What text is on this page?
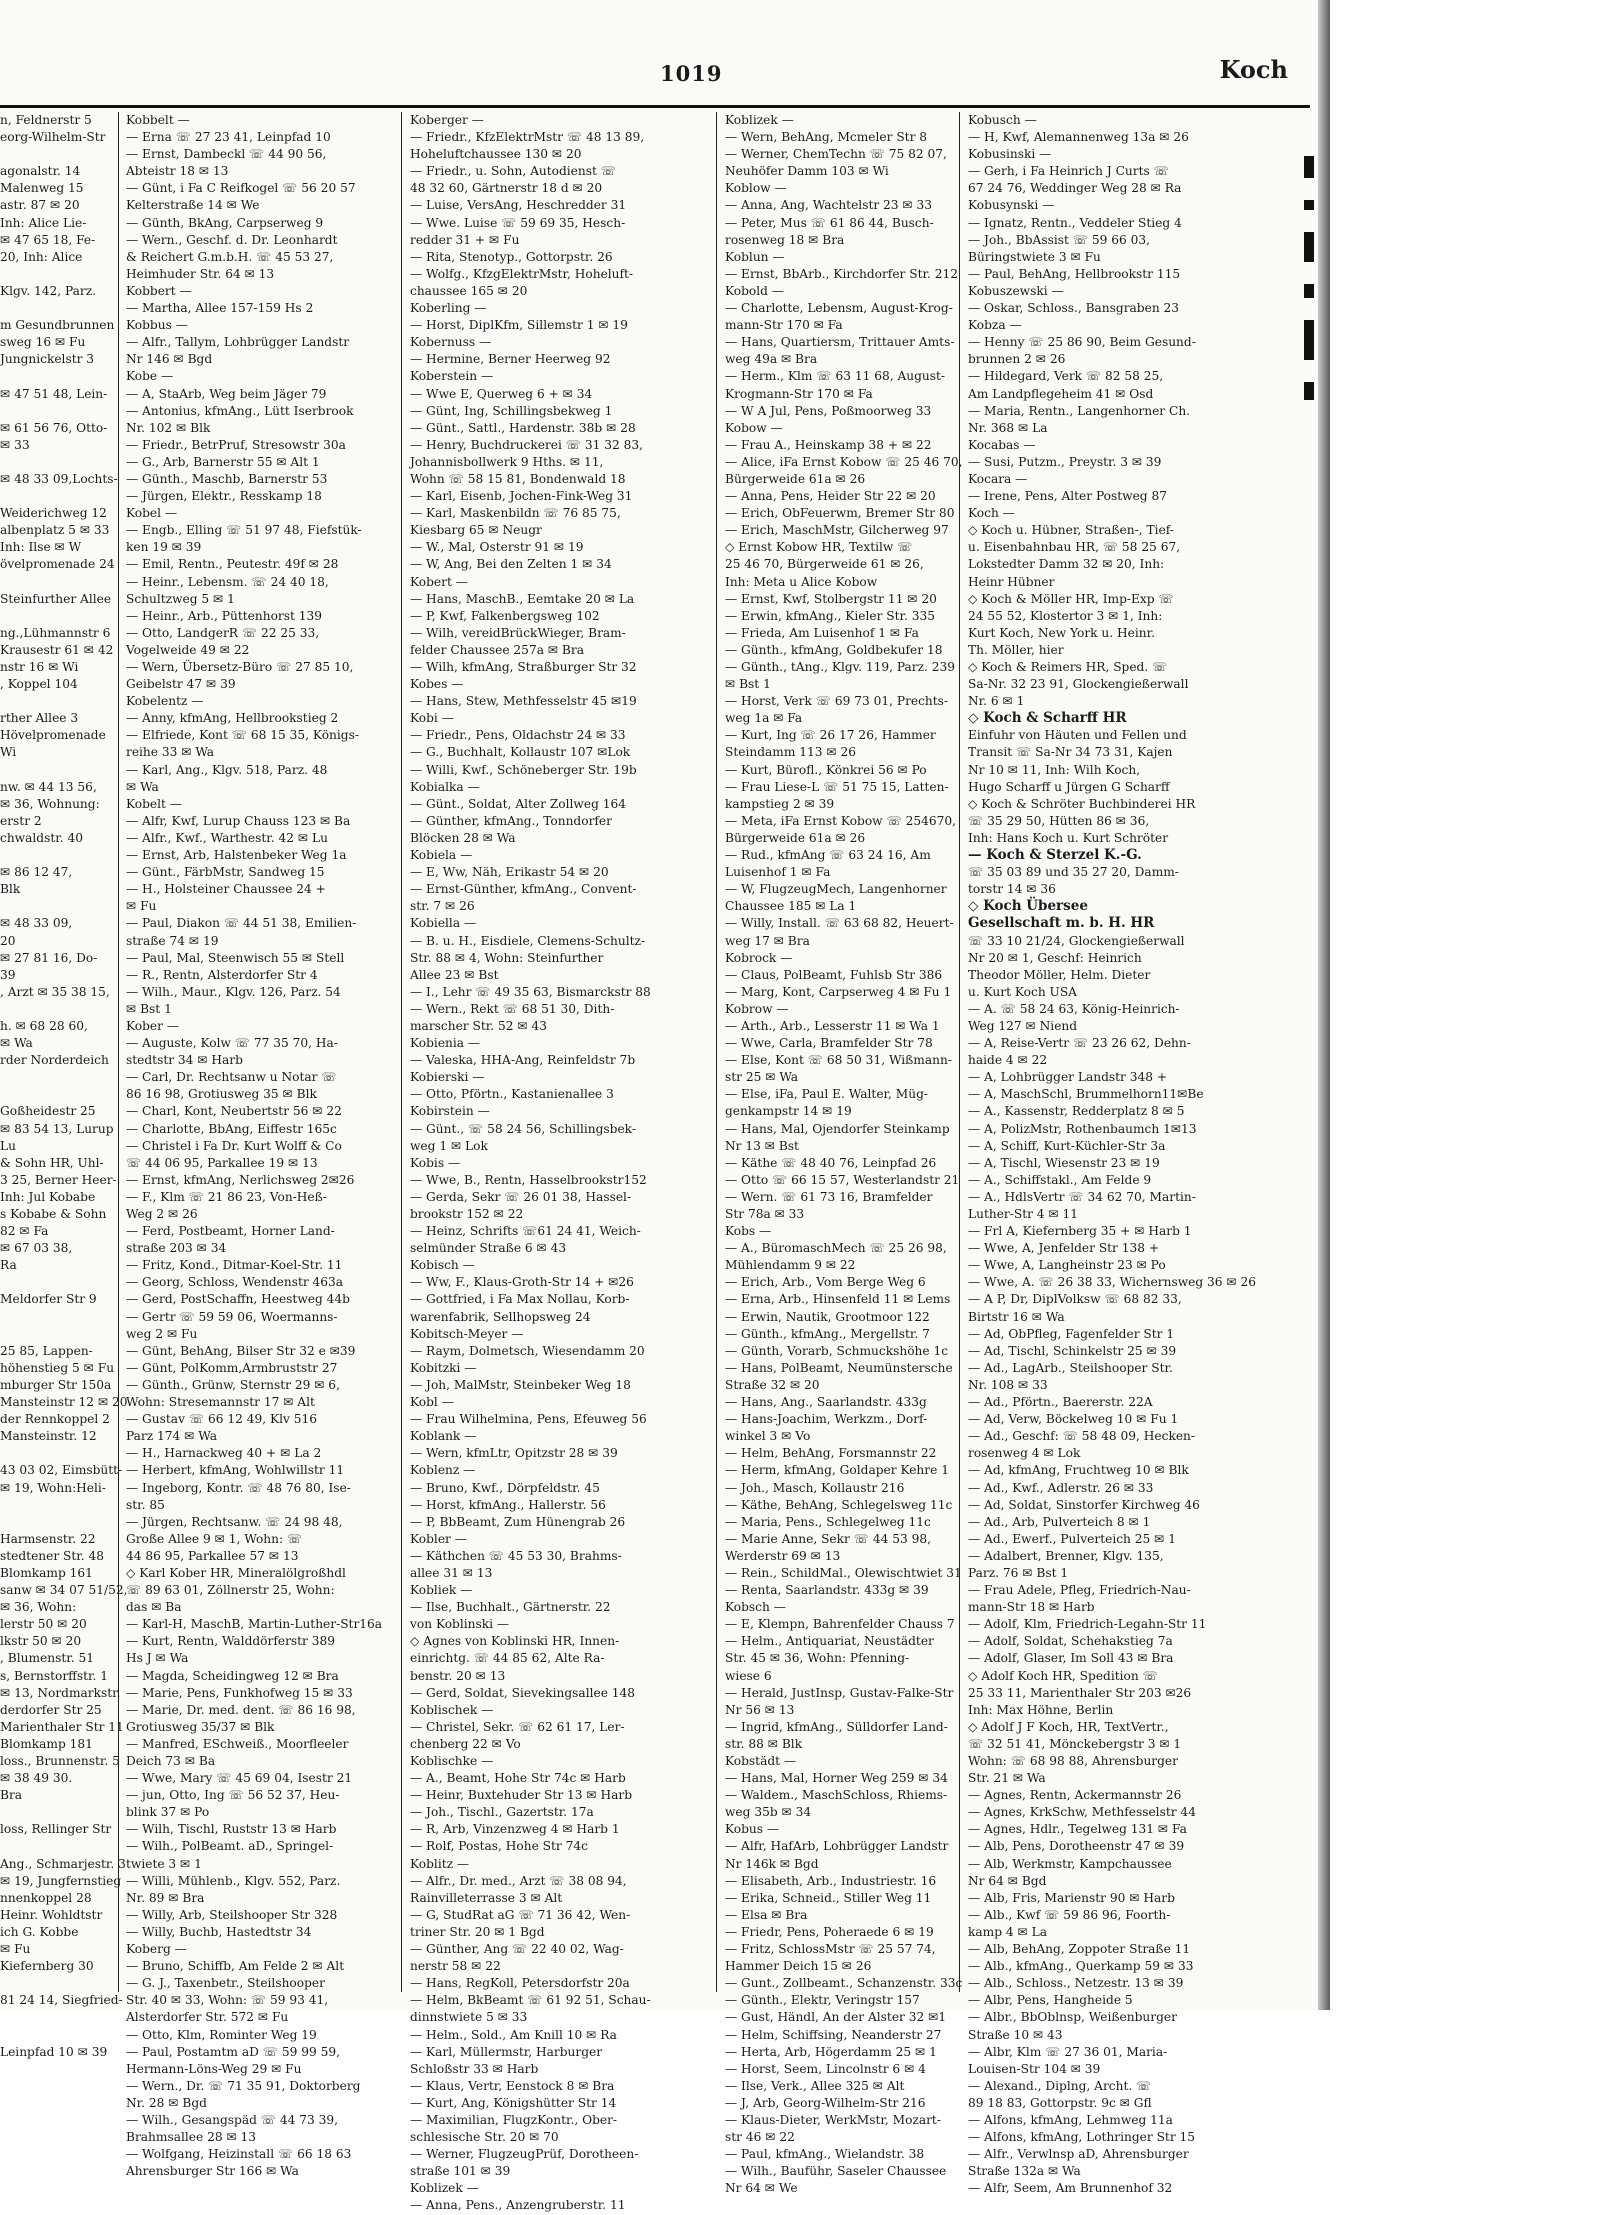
1019	Koch
n, Feldnerstr 5
eorg-Wilhelm-Str

agonalstr. 14
Malenweg 15
astr. 87 ✉ 20
Inh: Alice Lie-
✉ 47 65 18, Fe-
20, Inh: Alice

Klgv. 142, Parz.

m Gesundbrunnen
sweg 16 ✉ Fu
Jungnickelstr 3

✉ 47 51 48, Lein-

✉ 61 56 76, Otto-
✉ 33

✉ 48 33 09,Lochts-

Weiderichweg 12
albenplatz 5 ✉ 33
Inh: Ilse ✉ W
övelpromenade 24

Steinfurther Allee

ng.,Lühmannstr 6
Krausestr 61 ✉ 42
nstr 16 ✉ Wi
, Koppel 104

rther Allee 3
Hövelpromenade
Wi

nw. ✉ 44 13 56,
✉ 36, Wohnung:
erstr 2
chwaldstr. 40

✉ 86 12 47,
Blk

✉ 48 33 09,
20
✉ 27 81 16, Do-
39
, Arzt ✉ 35 38 15,

h. ✉ 68 28 60,
✉ Wa
rder Norderdeich

Goßheidestr 25
✉ 83 54 13, Lurup
Lu
& Sohn HR, Uhl-
3 25, Berner Heer-
Inh: Jul Kobabe
s Kobabe & Sohn
82 ✉ Fa
✉ 67 03 38,
Ra

Meldorfer Str 9

25 85, Lappen-
höhenstieg 5 ✉ Fu
mburger Str 150a
Mansteinstr 12 ✉ 20
der Rennkoppel 2
Mansteinstr. 12

43 03 02, Eimsbütt-
✉ 19, Wohn:Heli-

Harmsenstr. 22
stedtener Str. 48
Blomkamp 161
sanw ✉ 34 07 51/52,
✉ 36, Wohn:
lerstr 50 ✉ 20
lkstr 50 ✉ 20
, Blumenstr. 51
s, Bernstorffstr. 1
✉ 13, Nordmarkstr.
derdorfer Str 25
Marienthaler Str 11
Blomkamp 181
loss., Brunnenstr. 5
✉ 38 49 30.
Bra

loss, Rellinger Str

Ang., Schmarjestr. 3
✉ 19, Jungfernstieg
nnenkoppel 28
Heinr. Wohldtstr
ich G. Kobbe
✉ Fu
Kiefernberg 30

81 24 14, Siegfried-

Leinpfad 10 ✉ 39
Kobbelt —
— Erna ☏ 27 23 41, Leinpfad 10
— Ernst, Dambeckl ☏ 44 90 56,
Abteistr 18 ✉ 13
— Günt, i Fa C Reifkogel ☏ 56 20 57
Kelterstraße 14 ✉ We
— Günth, BkAng, Carpserweg 9
— Wern., Geschf. d. Dr. Leonhardt
& Reichert G.m.b.H. ☏ 45 53 27,
Heimhuder Str. 64 ✉ 13
Kobbert —
— Martha, Allee 157-159 Hs 2
Kobbus —
— Alfr., Tallym, Lohbrügger Landstr
Nr 146 ✉ Bgd
Kobe —
— A, StaArb, Weg beim Jäger 79
— Antonius, kfmAng., Lütt Iserbrook
Nr. 102 ✉ Blk
— Friedr., BetrPruf, Stresowstr 30a
— G., Arb, Barnerstr 55 ✉ Alt 1
— Günth., Maschb, Barnerstr 53
— Jürgen, Elektr., Resskamp 18
Kobel —
— Engb., Elling ☏ 51 97 48, Fiefstük-
ken 19 ✉ 39
— Emil, Rentn., Peutestr. 49f ✉ 28
— Heinr., Lebensm. ☏ 24 40 18,
Schultzweg 5 ✉ 1
— Heinr., Arb., Püttenhorst 139
— Otto, LandgerR ☏ 22 25 33,
Vogelweide 49 ✉ 22
— Wern, Übersetz-Büro ☏ 27 85 10,
Geibelstr 47 ✉ 39
Kobelentz —
— Anny, kfmAng, Hellbrookstieg 2
— Elfriede, Kont ☏ 68 15 35, Königs-
reihe 33 ✉ Wa
— Karl, Ang., Klgv. 518, Parz. 48
✉ Wa
Kobelt —
— Alfr, Kwf, Lurup Chauss 123 ✉ Ba
— Alfr., Kwf., Warthestr. 42 ✉ Lu
— Ernst, Arb, Halstenbeker Weg 1a
— Günt., FärbMstr, Sandweg 15
— H., Holsteiner Chaussee 24 +
✉ Fu
— Paul, Diakon ☏ 44 51 38, Emilien-
straße 74 ✉ 19
— Paul, Mal, Steenwisch 55 ✉ Stell
— R., Rentn, Alsterdorfer Str 4
— Wilh., Maur., Klgv. 126, Parz. 54
✉ Bst 1
Kober —
— Auguste, Kolw ☏ 77 35 70, Ha-
stedtstr 34 ✉ Harb
— Carl, Dr. Rechtsanw u Notar ☏
86 16 98, Grotiusweg 35 ✉ Blk
— Charl, Kont, Neubertstr 56 ✉ 22
— Charlotte, BbAng, Eiffestr 165c
— Christel i Fa Dr. Kurt Wolff & Co
☏ 44 06 95, Parkallee 19 ✉ 13
— Ernst, kfmAng, Nerlichsweg 2✉26
— F., Klm ☏ 21 86 23, Von-Heß-
Weg 2 ✉ 26
— Ferd, Postbeamt, Horner Land-
straße 203 ✉ 34
— Fritz, Kond., Ditmar-Koel-Str. 11
— Georg, Schloss, Wendenstr 463a
— Gerd, PostSchaffn, Heestweg 44b
— Gertr ☏ 59 59 06, Woermanns-
weg 2 ✉ Fu
— Günt, BehAng, Bilser Str 32 e ✉39
— Günt, PolKomm,Armbruststr 27
— Günth., Grünw, Sternstr 29 ✉ 6,
Wohn: Stresemannstr 17 ✉ Alt
— Gustav ☏ 66 12 49, Klv 516
Parz 174 ✉ Wa
— H., Harnackweg 40 + ✉ La 2
— Herbert, kfmAng, Wohlwillstr 11
— Ingeborg, Kontr. ☏ 48 76 80, Ise-
str. 85
— Jürgen, Rechtsanw. ☏ 24 98 48,
Große Allee 9 ✉ 1, Wohn: ☏
44 86 95, Parkallee 57 ✉ 13
◇ Karl Kober HR, Mineralölgroßhdl
☏ 89 63 01, Zöllnerstr 25, Wohn:
das ✉ Ba
— Karl-H, MaschB, Martin-Luther-Str16a
— Kurt, Rentn, Walddörferstr 389
Hs J ✉ Wa
— Magda, Scheidingweg 12 ✉ Bra
— Marie, Pens, Funkhofweg 15 ✉ 33
— Marie, Dr. med. dent. ☏ 86 16 98,
Grotiusweg 35/37 ✉ Blk
— Manfred, ESchweiß., Moorfleeler
Deich 73 ✉ Ba
— Wwe, Mary ☏ 45 69 04, Isestr 21
— jun, Otto, Ing ☏ 56 52 37, Heu-
blink 37 ✉ Po
— Wilh, Tischl, Ruststr 13 ✉ Harb
— Wilh., PolBeamt. aD., Springel-
twiete 3 ✉ 1
— Willi, Mühlenb., Klgv. 552, Parz.
Nr. 89 ✉ Bra
— Willy, Arb, Steilshooper Str 328
— Willy, Buchb, Hastedtstr 34
Koberg —
— Bruno, Schiffb, Am Felde 2 ✉ Alt
— G. J., Taxenbetr., Steilshooper
Str. 40 ✉ 33, Wohn: ☏ 59 93 41,
Alsterdorfer Str. 572 ✉ Fu
— Otto, Klm, Rominter Weg 19
— Paul, Postamtm aD ☏ 59 99 59,
Hermann-Löns-Weg 29 ✉ Fu
— Wern., Dr. ☏ 71 35 91, Doktorberg
Nr. 28 ✉ Bgd
— Wilh., Gesangspäd ☏ 44 73 39,
Brahmsallee 28 ✉ 13
— Wolfgang, Heizinstall ☏ 66 18 63
Ahrensburger Str 166 ✉ Wa
Koberger —
— Friedr., KfzElektrMstr ☏ 48 13 89,
Hoheluftchaussee 130 ✉ 20
— Friedr., u. Sohn, Autodienst ☏
48 32 60, Gärtnerstr 18 d ✉ 20
— Luise, VersAng, Heschredder 31
— Wwe. Luise ☏ 59 69 35, Hesch-
redder 31 + ✉ Fu
— Rita, Stenotyp., Gottorpstr. 26
— Wolfg., KfzgElektrMstr, Hoheluft-
chaussee 165 ✉ 20
Koberling —
— Horst, DiplKfm, Sillemstr 1 ✉ 19
Kobernuss —
— Hermine, Berner Heerweg 92
Koberstein —
— Wwe E, Querweg 6 + ✉ 34
— Günt, Ing, Schillingsbekweg 1
— Günt., Sattl., Hardenstr. 38b ✉ 28
— Henry, Buchdruckerei ☏ 31 32 83,
Johannisbollwerk 9 Hths. ✉ 11,
Wohn ☏ 58 15 81, Bondenwald 18
— Karl, Eisenb, Jochen-Fink-Weg 31
— Karl, Maskenbildn ☏ 76 85 75,
Kiesbarg 65 ✉ Neugr
— W., Mal, Osterstr 91 ✉ 19
— W, Ang, Bei den Zelten 1 ✉ 34
Kobert —
— Hans, MaschB., Eemtake 20 ✉ La
— P, Kwf, Falkenbergsweg 102
— Wilh, vereidBrückWieger, Bram-
felder Chaussee 257a ✉ Bra
— Wilh, kfmAng, Straßburger Str 32
Kobes —
— Hans, Stew, Methfesselstr 45 ✉19
Kobi —
— Friedr., Pens, Oldachstr 24 ✉ 33
— G., Buchhalt, Kollaustr 107 ✉Lok
— Willi, Kwf., Schöneberger Str. 19b
Kobialka —
— Günt., Soldat, Alter Zollweg 164
— Günther, kfmAng., Tonndorfer
Blöcken 28 ✉ Wa
Kobiela —
— E, Ww, Näh, Erikastr 54 ✉ 20
— Ernst-Günther, kfmAng., Convent-
str. 7 ✉ 26
Kobiella —
— B. u. H., Eisdiele, Clemens-Schultz-
Str. 88 ✉ 4, Wohn: Steinfurther
Allee 23 ✉ Bst
— I., Lehr ☏ 49 35 63, Bismarckstr 88
— Wern., Rekt ☏ 68 51 30, Dith-
marscher Str. 52 ✉ 43
Kobienia —
— Valeska, HHA-Ang, Reinfeldstr 7b
Kobierski —
— Otto, Pförtn., Kastanienallee 3
Kobirstein —
— Günt., ☏ 58 24 56, Schillingsbek-
weg 1 ✉ Lok
Kobis —
— Wwe, B., Rentn, Hasselbrookstr152
— Gerda, Sekr ☏ 26 01 38, Hassel-
brookstr 152 ✉ 22
— Heinz, Schrifts ☏61 24 41, Weich-
selmünder Straße 6 ✉ 43
Kobisch —
— Ww, F., Klaus-Groth-Str 14 + ✉26
— Gottfried, i Fa Max Nollau, Korb-
warenfabrik, Sellhopsweg 24
Kobitsch-Meyer —
— Raym, Dolmetsch, Wiesendamm 20
Kobitzki —
— Joh, MalMstr, Steinbeker Weg 18
Kobl —
— Frau Wilhelmina, Pens, Efeuweg 56
Koblank —
— Wern, kfmLtr, Opitzstr 28 ✉ 39
Koblenz —
— Bruno, Kwf., Dörpfeldstr. 45
— Horst, kfmAng., Hallerstr. 56
— P, BbBeamt, Zum Hünengrab 26
Kobler —
— Käthchen ☏ 45 53 30, Brahms-
allee 31 ✉ 13
Kobliek —
— Ilse, Buchhalt., Gärtnerstr. 22
von Koblinski —
◇ Agnes von Koblinski HR, Innen-
einrichtg. ☏ 44 85 62, Alte Ra-
benstr. 20 ✉ 13
— Gerd, Soldat, Sievekingsallee 148
Koblischek —
— Christel, Sekr. ☏ 62 61 17, Ler-
chenberg 22 ✉ Vo
Koblischke —
— A., Beamt, Hohe Str 74c ✉ Harb
— Heinr, Buxtehuder Str 13 ✉ Harb
— Joh., Tischl., Gazertstr. 17a
— R, Arb, Vinzenzweg 4 ✉ Harb 1
— Rolf, Postas, Hohe Str 74c
Koblitz —
— Alfr., Dr. med., Arzt ☏ 38 08 94,
Rainvilleterrasse 3 ✉ Alt
— G, StudRat aG ☏ 71 36 42, Wen-
triner Str. 20 ✉ 1 Bgd
— Günther, Ang ☏ 22 40 02, Wag-
nerstr 58 ✉ 22
— Hans, RegKoll, Petersdorfstr 20a
— Helm, BkBeamt ☏ 61 92 51, Schau-
dinnstwiete 5 ✉ 33
— Helm., Sold., Am Knill 10 ✉ Ra
— Karl, Müllermstr, Harburger
Schloßstr 33 ✉ Harb
— Klaus, Vertr, Eenstock 8 ✉ Bra
— Kurt, Ang, Königshütter Str 14
— Maximilian, FlugzKontr., Ober-
schlesische Str. 20 ✉ 70
— Werner, FlugzeugPrüf, Dorotheen-
straße 101 ✉ 39
Koblizek —
— Anna, Pens., Anzengruberstr. 11
Koblizek —
— Wern, BehAng, Mcmeler Str 8
— Werner, ChemTechn ☏ 75 82 07,
Neuhöfer Damm 103 ✉ Wi
Koblow —
— Anna, Ang, Wachtelstr 23 ✉ 33
— Peter, Mus ☏ 61 86 44, Busch-
rosenweg 18 ✉ Bra
Koblun —
— Ernst, BbArb., Kirchdorfer Str. 212
Kobold —
— Charlotte, Lebensm, August-Krog-
mann-Str 170 ✉ Fa
— Hans, Quartiersm, Trittauer Amts-
weg 49a ✉ Bra
— Herm., Klm ☏ 63 11 68, August-
Krogmann-Str 170 ✉ Fa
— W A Jul, Pens, Poßmoorweg 33
Kobow —
— Frau A., Heinskamp 38 + ✉ 22
— Alice, iFa Ernst Kobow ☏ 25 46 70,
Bürgerweide 61a ✉ 26
— Anna, Pens, Heider Str 22 ✉ 20
— Erich, ObFeuerwm, Bremer Str 80
— Erich, MaschMstr, Gilcherweg 97
◇ Ernst Kobow HR, Textilw ☏
25 46 70, Bürgerweide 61 ✉ 26,
Inh: Meta u Alice Kobow
— Ernst, Kwf, Stolbergstr 11 ✉ 20
— Erwin, kfmAng., Kieler Str. 335
— Frieda, Am Luisenhof 1 ✉ Fa
— Günth., kfmAng, Goldbekufer 18
— Günth., tAng., Klgv. 119, Parz. 239
✉ Bst 1
— Horst, Verk ☏ 69 73 01, Prechts-
weg 1a ✉ Fa
— Kurt, Ing ☏ 26 17 26, Hammer
Steindamm 113 ✉ 26
— Kurt, Bürofl., Könkrei 56 ✉ Po
— Frau Liese-L ☏ 51 75 15, Latten-
kampstieg 2 ✉ 39
— Meta, iFa Ernst Kobow ☏ 254670,
Bürgerweide 61a ✉ 26
— Rud., kfmAng ☏ 63 24 16, Am
Luisenhof 1 ✉ Fa
— W, FlugzeugMech, Langenhorner
Chaussee 185 ✉ La 1
— Willy, Install. ☏ 63 68 82, Heuert-
weg 17 ✉ Bra
Kobrock —
— Claus, PolBeamt, Fuhlsb Str 386
— Marg, Kont, Carpserweg 4 ✉ Fu 1
Kobrow —
— Arth., Arb., Lesserstr 11 ✉ Wa 1
— Wwe, Carla, Bramfelder Str 78
— Else, Kont ☏ 68 50 31, Wißmann-
str 25 ✉ Wa
— Else, iFa, Paul E. Walter, Müg-
genkampstr 14 ✉ 19
— Hans, Mal, Ojendorfer Steinkamp
Nr 13 ✉ Bst
— Käthe ☏ 48 40 76, Leinpfad 26
— Otto ☏ 66 15 57, Westerlandstr 21
— Wern. ☏ 61 73 16, Bramfelder
Str 78a ✉ 33
Kobs —
— A., BüromaschMech ☏ 25 26 98,
Mühlendamm 9 ✉ 22
— Erich, Arb., Vom Berge Weg 6
— Erna, Arb., Hinsenfeld 11 ✉ Lems
— Erwin, Nautik, Grootmoor 122
— Günth., kfmAng., Mergellstr. 7
— Günth, Vorarb, Schmuckshöhe 1c
— Hans, PolBeamt, Neumünstersche
Straße 32 ✉ 20
— Hans, Ang., Saarlandstr. 433g
— Hans-Joachim, Werkzm., Dorf-
winkel 3 ✉ Vo
— Helm, BehAng, Forsmannstr 22
— Herm, kfmAng, Goldaper Kehre 1
— Joh., Masch, Kollaustr 216
— Käthe, BehAng, Schlegelsweg 11c
— Maria, Pens., Schlegelweg 11c
— Marie Anne, Sekr ☏ 44 53 98,
Werderstr 69 ✉ 13
— Rein., SchildMal., Olewischtwiet 31
— Renta, Saarlandstr. 433g ✉ 39
Kobsch —
— E, Klempn, Bahrenfelder Chauss 7
— Helm., Antiquariat, Neustädter
Str. 45 ✉ 36, Wohn: Pfenning-
wiese 6
— Herald, JustInsp, Gustav-Falke-Str
Nr 56 ✉ 13
— Ingrid, kfmAng., Sülldorfer Land-
str. 88 ✉ Blk
Kobstädt —
— Hans, Mal, Horner Weg 259 ✉ 34
— Waldem., MaschSchloss, Rhiems-
weg 35b ✉ 34
Kobus —
— Alfr, HafArb, Lohbrügger Landstr
Nr 146k ✉ Bgd
— Elisabeth, Arb., Industriestr. 16
— Erika, Schneid., Stiller Weg 11
— Elsa ✉ Bra
— Friedr, Pens, Poheraede 6 ✉ 19
— Fritz, SchlossMstr ☏ 25 57 74,
Hammer Deich 15 ✉ 26
— Gunt., Zollbeamt., Schanzenstr. 33c
— Günth., Elektr, Veringstr 157
— Gust, Händl, An der Alster 32 ✉1
— Helm, Schiffsing, Neanderstr 27
— Herta, Arb, Högerdamm 25 ✉ 1
— Horst, Seem, Lincolnstr 6 ✉ 4
— Ilse, Verk., Allee 325 ✉ Alt
— J, Arb, Georg-Wilhelm-Str 216
— Klaus-Dieter, WerkMstr, Mozart-
str 46 ✉ 22
— Paul, kfmAng., Wielandstr. 38
— Wilh., Bauführ, Saseler Chaussee
Nr 64 ✉ We
Kobusch —
— H, Kwf, Alemannenweg 13a ✉ 26
Kobusinski —
— Gerh, i Fa Heinrich J Curts ☏
67 24 76, Weddinger Weg 28 ✉ Ra
Kobusynski —
— Ignatz, Rentn., Veddeler Stieg 4
— Joh., BbAssist ☏ 59 66 03,
Büringstwiete 3 ✉ Fu
— Paul, BehAng, Hellbrookstr 115
Kobuszewski —
— Oskar, Schloss., Bansgraben 23
Kobza —
— Henny ☏ 25 86 90, Beim Gesund-
brunnen 2 ✉ 26
— Hildegard, Verk ☏ 82 58 25,
Am Landpflegeheim 41 ✉ Osd
— Maria, Rentn., Langenhorner Ch.
Nr. 368 ✉ La
Kocabas —
— Susi, Putzm., Preystr. 3 ✉ 39
Kocara —
— Irene, Pens, Alter Postweg 87
Koch —
◇ Koch u. Hübner, Straßen-, Tief-
u. Eisenbahnbau HR, ☏ 58 25 67,
Lokstedter Damm 32 ✉ 20, Inh:
Heinr Hübner
◇ Koch & Möller HR, Imp-Exp ☏
24 55 52, Klostertor 3 ✉ 1, Inh:
Kurt Koch, New York u. Heinr.
Th. Möller, hier
◇ Koch & Reimers HR, Sped. ☏
Sa-Nr. 32 23 91, Glockengießerwall
Nr. 6 ✉ 1
◇ Koch & Scharff HR
Einfuhr von Häuten und Fellen und
Transit ☏ Sa-Nr 34 73 31, Kajen
Nr 10 ✉ 11, Inh: Wilh Koch,
Hugo Scharff u Jürgen G Scharff
◇ Koch & Schröter Buchbinderei HR
☏ 35 29 50, Hütten 86 ✉ 36,
Inh: Hans Koch u. Kurt Schröter
— Koch & Sterzel K.-G.
☏ 35 03 89 und 35 27 20, Damm-
torstr 14 ✉ 36
◇ Koch Übersee
Gesellschaft m. b. H. HR
☏ 33 10 21/24, Glockengießerwall
Nr 20 ✉ 1, Geschf: Heinrich
Theodor Möller, Helm. Dieter
u. Kurt Koch USA
— A. ☏ 58 24 63, König-Heinrich-
Weg 127 ✉ Niend
— A, Reise-Vertr ☏ 23 26 62, Dehn-
haide 4 ✉ 22
— A, Lohbrügger Landstr 348 +
— A, MaschSchl, Brummelhorn11✉Be
— A., Kassenstr, Redderplatz 8 ✉ 5
— A, PolizMstr, Rothenbaumch 1✉13
— A, Schiff, Kurt-Küchler-Str 3a
— A, Tischl, Wiesenstr 23 ✉ 19
— A., Schiffstakl., Am Felde 9
— A., HdlsVertr ☏ 34 62 70, Martin-
Luther-Str 4 ✉ 11
— Frl A, Kiefernberg 35 + ✉ Harb 1
— Wwe, A, Jenfelder Str 138 +
— Wwe, A, Langheinstr 23 ✉ Po
— Wwe, A. ☏ 26 38 33, Wichernsweg 36 ✉ 26
— A P, Dr, DiplVolksw ☏ 68 82 33,
Birtstr 16 ✉ Wa
— Ad, ObPfleg, Fagenfelder Str 1
— Ad, Tischl, Schinkelstr 25 ✉ 39
— Ad., LagArb., Steilshooper Str.
Nr. 108 ✉ 33
— Ad., Pförtn., Baererstr. 22A
— Ad, Verw, Böckelweg 10 ✉ Fu 1
— Ad., Geschf: ☏ 58 48 09, Hecken-
rosenweg 4 ✉ Lok
— Ad, kfmAng, Fruchtweg 10 ✉ Blk
— Ad., Kwf., Adlerstr. 26 ✉ 33
— Ad, Soldat, Sinstorfer Kirchweg 46
— Ad., Arb, Pulverteich 8 ✉ 1
— Ad., Ewerf., Pulverteich 25 ✉ 1
— Adalbert, Brenner, Klgv. 135,
Parz. 76 ✉ Bst 1
— Frau Adele, Pfleg, Friedrich-Nau-
mann-Str 18 ✉ Harb
— Adolf, Klm, Friedrich-Legahn-Str 11
— Adolf, Soldat, Schehakstieg 7a
— Adolf, Glaser, Im Soll 43 ✉ Bra
◇ Adolf Koch HR, Spedition ☏
25 33 11, Marienthaler Str 203 ✉26
Inh: Max Höhne, Berlin
◇ Adolf J F Koch, HR, TextVertr.,
☏ 32 51 41, Mönckebergstr 3 ✉ 1
Wohn: ☏ 68 98 88, Ahrensburger
Str. 21 ✉ Wa
— Agnes, Rentn, Ackermannstr 26
— Agnes, KrkSchw, Methfesselstr 44
— Agnes, Hdlr., Tegelweg 131 ✉ Fa
— Alb, Pens, Dorotheenstr 47 ✉ 39
— Alb, Werkmstr, Kampchaussee
Nr 64 ✉ Bgd
— Alb, Fris, Marienstr 90 ✉ Harb
— Alb., Kwf ☏ 59 86 96, Foorth-
kamp 4 ✉ La
— Alb, BehAng, Zoppoter Straße 11
— Alb., kfmAng., Querkamp 59 ✉ 33
— Alb., Schloss., Netzestr. 13 ✉ 39
— Albr, Pens, Hangheide 5
— Albr., BbOblnsp, Weißenburger
Straße 10 ✉ 43
— Albr, Klm ☏ 27 36 01, Maria-
Louisen-Str 104 ✉ 39
— Alexand., Diplng, Archt. ☏
89 18 83, Gottorpstr. 9c ✉ Gfl
— Alfons, kfmAng, Lehmweg 11a
— Alfons, kfmAng, Lothringer Str 15
— Alfr., Verwlnsp aD, Ahrensburger
Straße 132a ✉ Wa
— Alfr, Seem, Am Brunnenhof 32
